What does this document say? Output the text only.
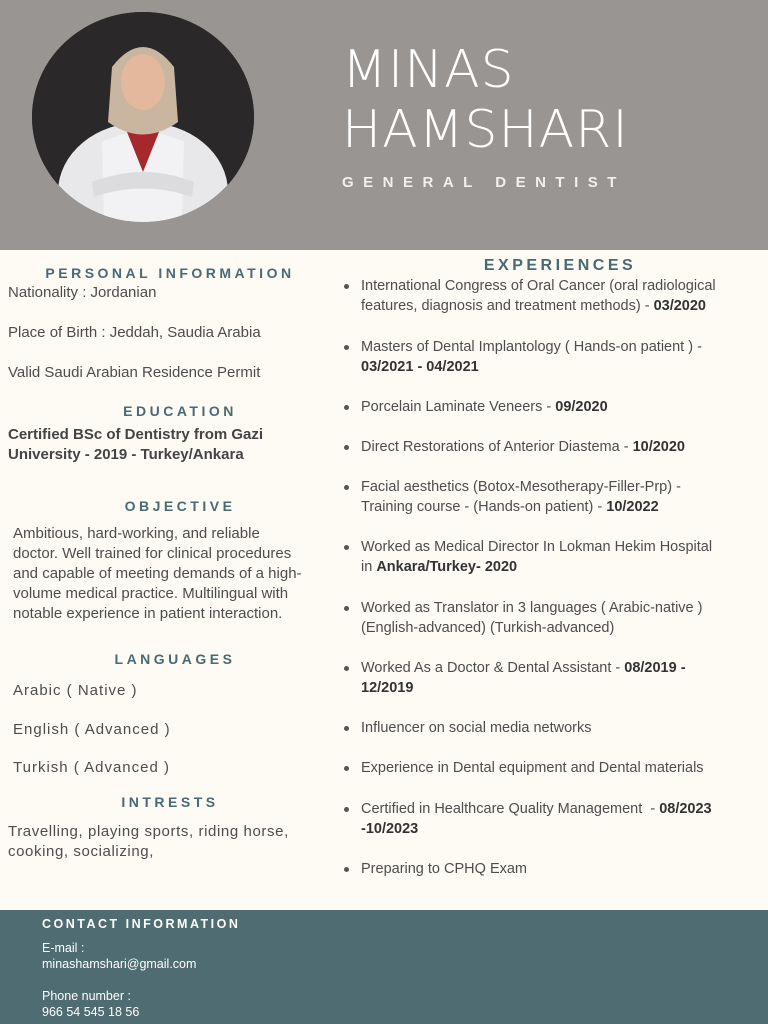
MINAS
HAMSHARI
GENERAL DENTIST
PERSONAL INFORMATION
Nationality : Jordanian
Place of Birth : Jeddah, Saudia Arabia
Valid Saudi Arabian Residence Permit
EDUCATION
Certified BSc of Dentistry from Gazi
University - 2019 - Turkey/Ankara
OBJECTIVE
Ambitious, hard-working, and reliable
doctor. Well trained for clinical procedures
and capable of meeting demands of a high-
volume medical practice. Multilingual with
notable experience in patient interaction.
LANGUAGES
Arabic ( Native )
English ( Advanced )
Turkish ( Advanced )
INTRESTS
Travelling, playing sports, riding horse,
cooking, socializing,
EXPERIENCES
International Congress of Oral Cancer (oral radiological
features, diagnosis and treatment methods) - 03/2020
Masters of Dental Implantology ( Hands-on patient ) -
03/2021 - 04/2021
Porcelain Laminate Veneers - 09/2020
Direct Restorations of Anterior Diastema - 10/2020
Facial aesthetics (Botox-Mesotherapy-Filler-Prp) -
Training course - (Hands-on patient) - 10/2022
Worked as Medical Director In Lokman Hekim Hospital
in Ankara/Turkey- 2020
Worked as Translator in 3 languages ( Arabic-native )
(English-advanced) (Turkish-advanced)
Worked As a Doctor & Dental Assistant - 08/2019 -
12/2019
Influencer on social media networks
Experience in Dental equipment and Dental materials
Certified in Healthcare Quality Management  - 08/2023
-10/2023
Preparing to CPHQ Exam
CONTACT INFORMATION
E-mail :
minashamshari@gmail.com
Phone number :
966 54 545 18 56
